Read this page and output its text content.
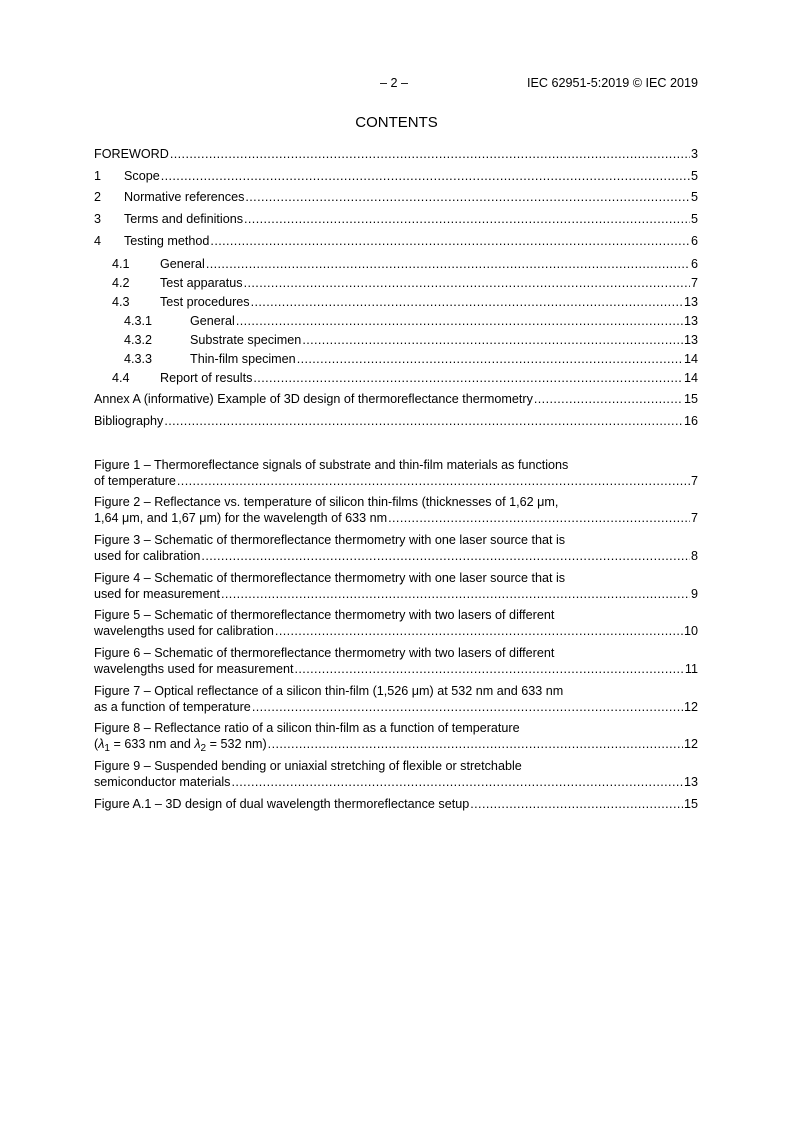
– 2 –	IEC 62951-5:2019 © IEC 2019
CONTENTS
FOREWORD . . .	3
1	Scope . . .	5
2	Normative references . . .	5
3	Terms and definitions . . .	5
4	Testing method . . .	6
4.1	General . . .	6
4.2	Test apparatus . . .	7
4.3	Test procedures . . .	13
4.3.1	General . . .	13
4.3.2	Substrate specimen . . .	13
4.3.3	Thin-film specimen . . .	14
4.4	Report of results . . .	14
Annex A (informative) Example of 3D design of thermoreflectance thermometry . . .	15
Bibliography . . .	16
Figure 1 – Thermoreflectance signals of substrate and thin-film materials as functions
of temperature . . .	7
Figure 2 – Reflectance vs. temperature of silicon thin-films (thicknesses of 1,62 μm,
1,64 μm, and 1,67 μm) for the wavelength of 633 nm . . .	7
Figure 3 – Schematic of thermoreflectance thermometry with one laser source that is
used for calibration . . .	8
Figure 4 – Schematic of thermoreflectance thermometry with one laser source that is
used for measurement . . .	9
Figure 5 – Schematic of thermoreflectance thermometry with two lasers of different
wavelengths used for calibration . . .	10
Figure 6 – Schematic of thermoreflectance thermometry with two lasers of different
wavelengths used for measurement . . .	11
Figure 7 – Optical reflectance of a silicon thin-film (1,526 μm) at 532 nm and 633 nm
as a function of temperature . . .	12
Figure 8 – Reflectance ratio of a silicon thin-film as a function of temperature
($\lambda_1 = 633$ nm and $\lambda_2 = 532$ nm) . . .	12
Figure 9 – Suspended bending or uniaxial stretching of flexible or stretchable
semiconductor materials . . .	13
Figure A.1 – 3D design of dual wavelength thermoreflectance setup . . .	15
